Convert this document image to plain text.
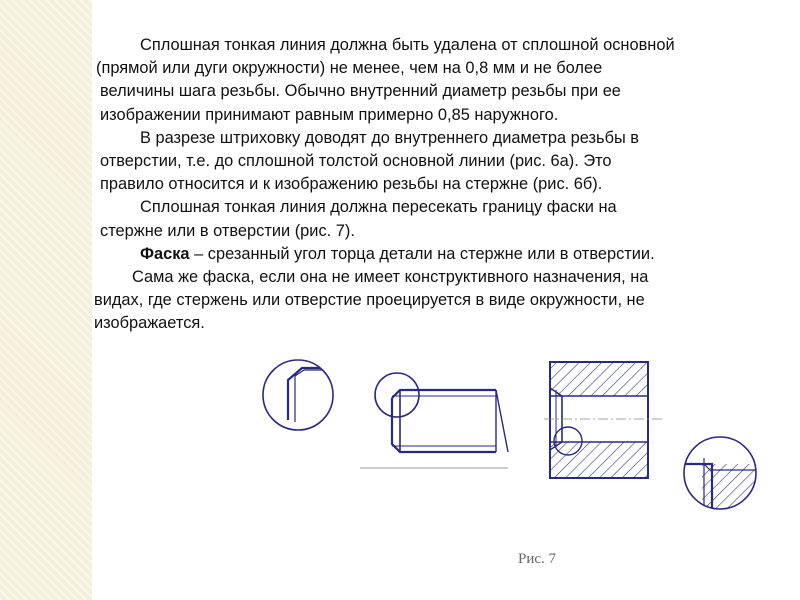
Сплошная тонкая линия должна быть удалена от сплошной основной
(прямой или дуги окружности) не менее, чем на 0,8 мм и не более
величины шага резьбы. Обычно внутренний диаметр резьбы при ее
изображении принимают равным примерно 0,85 наружного.
В разрезе штриховку доводят до внутреннего диаметра резьбы в
отверстии, т.е. до сплошной толстой основной линии (рис. 6а). Это
правило относится и к изображению резьбы на стержне (рис. 6б).
Сплошная тонкая линия должна пересекать границу фаски на
стержне или в отверстии (рис. 7).
Фаска – срезанный угол торца детали на стержне или в отверстии.
Сама же фаска, если она не имеет конструктивного назначения, на
видах, где стержень или отверстие проецируется в виде окружности, не
изображается.
Рис. 7
